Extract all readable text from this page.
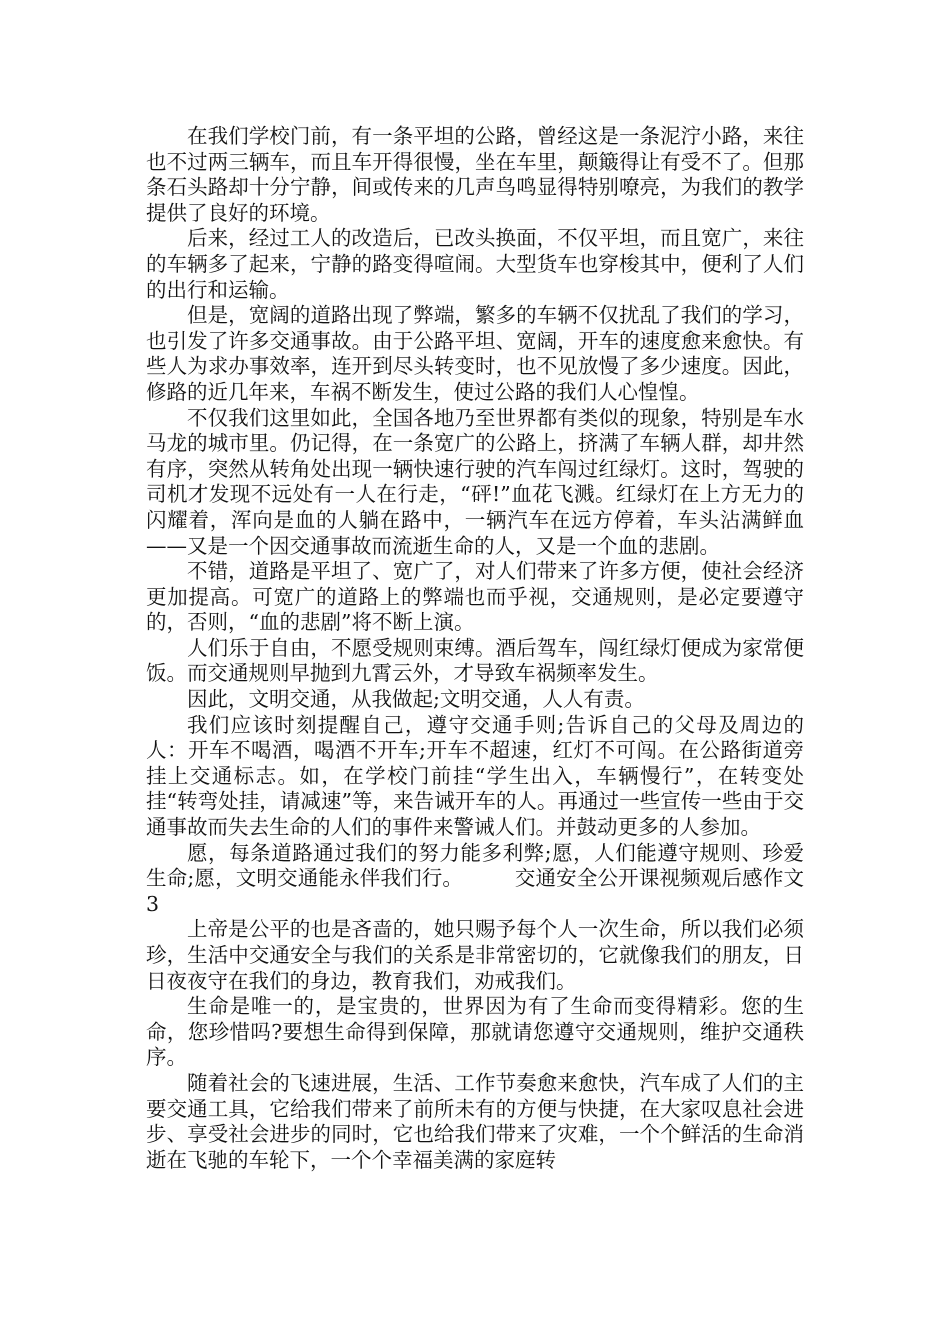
在我们学校门前，有一条平坦的公路，曾经这是一条泥泞小路，来往也不过两三辆车，而且车开得很慢，坐在车里，颠簸得让有受不了。但那条石头路却十分宁静，间或传来的几声鸟鸣显得特别嘹亮，为我们的教学提供了良好的环境。

后来，经过工人的改造后，已改头换面，不仅平坦，而且宽广，来往的车辆多了起来，宁静的路变得喧闹。大型货车也穿梭其中，便利了人们的出行和运输。

但是，宽阔的道路出现了弊端，繁多的车辆不仅扰乱了我们的学习，也引发了许多交通事故。由于公路平坦、宽阔，开车的速度愈来愈快。有些人为求办事效率，连开到尽头转变时，也不见放慢了多少速度。因此，修路的近几年来，车祸不断发生，使过公路的我们人心惶惶。

不仅我们这里如此，全国各地乃至世界都有类似的现象，特别是车水马龙的城市里。仍记得，在一条宽广的公路上，挤满了车辆人群，却井然有序，突然从转角处出现一辆快速行驶的汽车闯过红绿灯。这时，驾驶的司机才发现不远处有一人在行走，“砰!”血花飞溅。红绿灯在上方无力的闪耀着，浑向是血的人躺在路中，一辆汽车在远方停着，车头沾满鲜血——又是一个因交通事故而流逝生命的人，又是一个血的悲剧。

不错，道路是平坦了、宽广了，对人们带来了许多方便，使社会经济更加提高。可宽广的道路上的弊端也而乎视，交通规则，是必定要遵守的，否则，“血的悲剧”将不断上演。

人们乐于自由，不愿受规则束缚。酒后驾车，闯红绿灯便成为家常便饭。而交通规则早抛到九霄云外，才导致车祸频率发生。

因此，文明交通，从我做起;文明交通，人人有责。

我们应该时刻提醒自己，遵守交通手则;告诉自己的父母及周边的人：开车不喝酒，喝酒不开车;开车不超速，红灯不可闯。在公路街道旁挂上交通标志。如，在学校门前挂“学生出入，车辆慢行”，在转变处挂“转弯处挂，请减速”等，来告诫开车的人。再通过一些宣传一些由于交通事故而失去生命的人们的事件来警诫人们。并鼓动更多的人参加。

愿，每条道路通过我们的努力能多利弊;愿，人们能遵守规则、珍爱生命;愿，文明交通能永伴我们行。　　　交通安全公开课视频观后感作文3

上帝是公平的也是吝啬的，她只赐予每个人一次生命，所以我们必须珍，生活中交通安全与我们的关系是非常密切的，它就像我们的朋友，日日夜夜守在我们的身边，教育我们，劝戒我们。

生命是唯一的，是宝贵的，世界因为有了生命而变得精彩。您的生命，您珍惜吗?要想生命得到保障，那就请您遵守交通规则，维护交通秩序。

随着社会的飞速进展，生活、工作节奏愈来愈快，汽车成了人们的主要交通工具，它给我们带来了前所未有的方便与快捷，在大家叹息社会进步、享受社会进步的同时，它也给我们带来了灾难，一个个鲜活的生命消逝在飞驰的车轮下，一个个幸福美满的家庭转
